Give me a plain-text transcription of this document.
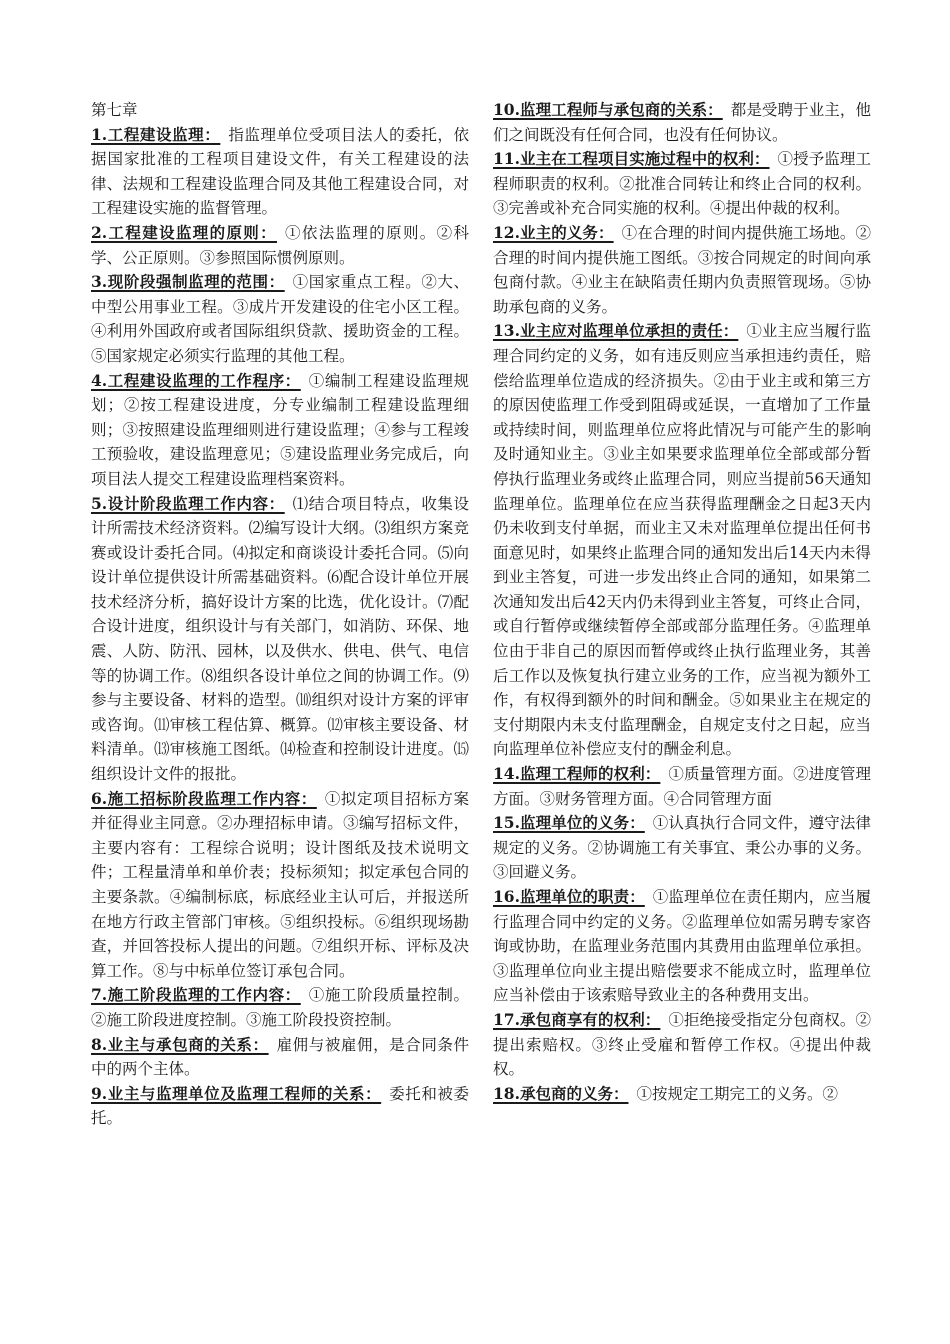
第七章
1.工程建设监理： 指监理单位受项目法人的委托，依据国家批准的工程项目建设文件，有关工程建设的法律、法规和工程建设监理合同及其他工程建设合同，对工程建设实施的监督管理。
2.工程建设监理的原则： ①依法监理的原则。②科学、公正原则。③参照国际惯例原则。
3.现阶段强制监理的范围： ①国家重点工程。②大、中型公用事业工程。③成片开发建设的住宅小区工程。④利用外国政府或者国际组织贷款、援助资金的工程。⑤国家规定必须实行监理的其他工程。
4.工程建设监理的工作程序： ①编制工程建设监理规划；②按工程建设进度，分专业编制工程建设监理细则；③按照建设监理细则进行建设监理；④参与工程竣工预验收，建设监理意见；⑤建设监理业务完成后，向项目法人提交工程建设监理档案资料。
5.设计阶段监理工作内容： ⑴结合项目特点，收集设计所需技术经济资料。⑵编写设计大纲。⑶组织方案竞赛或设计委托合同。⑷拟定和商谈设计委托合同。⑸向设计单位提供设计所需基础资料。⑹配合设计单位开展技术经济分析，搞好设计方案的比选，优化设计。⑺配合设计进度，组织设计与有关部门，如消防、环保、地震、人防、防汛、园林，以及供水、供电、供气、电信等的协调工作。⑻组织各设计单位之间的协调工作。⑼参与主要设备、材料的造型。⑽组织对设计方案的评审或咨询。⑾审核工程估算、概算。⑿审核主要设备、材料清单。⒀审核施工图纸。⒁检查和控制设计进度。⒂组织设计文件的报批。
6.施工招标阶段监理工作内容： ①拟定项目招标方案并征得业主同意。②办理招标申请。③编写招标文件，主要内容有：工程综合说明；设计图纸及技术说明文件；工程量清单和单价表；投标须知；拟定承包合同的主要条款。④编制标底，标底经业主认可后，并报送所在地方行政主管部门审核。⑤组织投标。⑥组织现场勘查，并回答投标人提出的问题。⑦组织开标、评标及决算工作。⑧与中标单位签订承包合同。
7.施工阶段监理的工作内容： ①施工阶段质量控制。②施工阶段进度控制。③施工阶段投资控制。
8.业主与承包商的关系： 雇佣与被雇佣，是合同条件中的两个主体。
9.业主与监理单位及监理工程师的关系： 委托和被委托。
10.监理工程师与承包商的关系： 都是受聘于业主，他们之间既没有任何合同，也没有任何协议。
11.业主在工程项目实施过程中的权利： ①授予监理工程师职责的权利。②批准合同转让和终止合同的权利。③完善或补充合同实施的权利。④提出仲裁的权利。
12.业主的义务： ①在合理的时间内提供施工场地。②合理的时间内提供施工图纸。③按合同规定的时间向承包商付款。④业主在缺陷责任期内负责照管现场。⑤协助承包商的义务。
13.业主应对监理单位承担的责任： ①业主应当履行监理合同约定的义务，如有违反则应当承担违约责任，赔偿给监理单位造成的经济损失。②由于业主或和第三方的原因使监理工作受到阻碍或延误，一直增加了工作量或持续时间，则监理单位应将此情况与可能产生的影响及时通知业主。③业主如果要求监理单位全部或部分暂停执行监理业务或终止监理合同，则应当提前56天通知监理单位。监理单位在应当获得监理酬金之日起3天内仍未收到支付单据，而业主又未对监理单位提出任何书面意见时，如果终止监理合同的通知发出后14天内未得到业主答复，可进一步发出终止合同的通知，如果第二次通知发出后42天内仍未得到业主答复，可终止合同，或自行暂停或继续暂停全部或部分监理任务。④监理单位由于非自己的原因而暂停或终止执行监理业务，其善后工作以及恢复执行建立业务的工作，应当视为额外工作，有权得到额外的时间和酬金。⑤如果业主在规定的支付期限内未支付监理酬金，自规定支付之日起，应当向监理单位补偿应支付的酬金利息。
14.监理工程师的权利： ①质量管理方面。②进度管理方面。③财务管理方面。④合同管理方面
15.监理单位的义务： ①认真执行合同文件，遵守法律规定的义务。②协调施工有关事宜、秉公办事的义务。③回避义务。
16.监理单位的职责： ①监理单位在责任期内，应当履行监理合同中约定的义务。②监理单位如需另聘专家咨询或协助，在监理业务范围内其费用由监理单位承担。③监理单位向业主提出赔偿要求不能成立时，监理单位应当补偿由于该索赔导致业主的各种费用支出。
17.承包商享有的权利： ①拒绝接受指定分包商权。②提出索赔权。③终止受雇和暂停工作权。④提出仲裁权。
18.承包商的义务： ①按规定工期完工的义务。②
